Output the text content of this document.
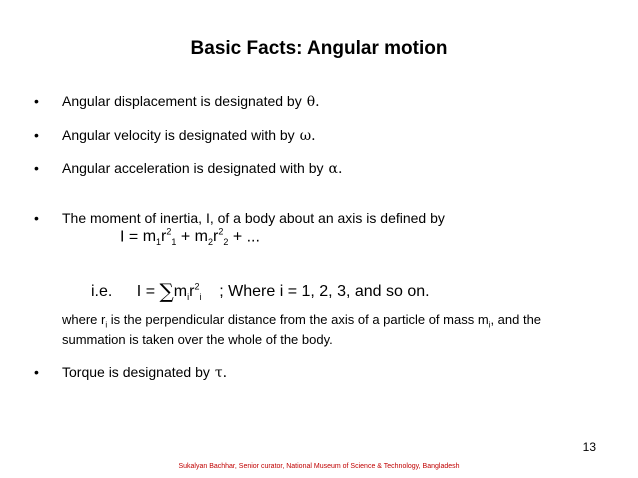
Basic Facts: Angular motion
• Angular displacement is designated by θ.
• Angular velocity is designated with by ω.
• Angular acceleration is designated with by α.
• The moment of inertia, I, of a body about an axis is defined by
$I = m_1r^2_1 + m_2r^2_2$ + ...
i.e. $I = \sum m_ir^2_i$ ; Where i = 1, 2, 3, and so on.
where $r_i$ is the perpendicular distance from the axis of a particle of mass $m_i$, and the summation is taken over the whole of the body.
• Torque is designated by τ.
13
Sukalyan Bachhar, Senior curator, National Museum of Science & Technology, Bangladesh
